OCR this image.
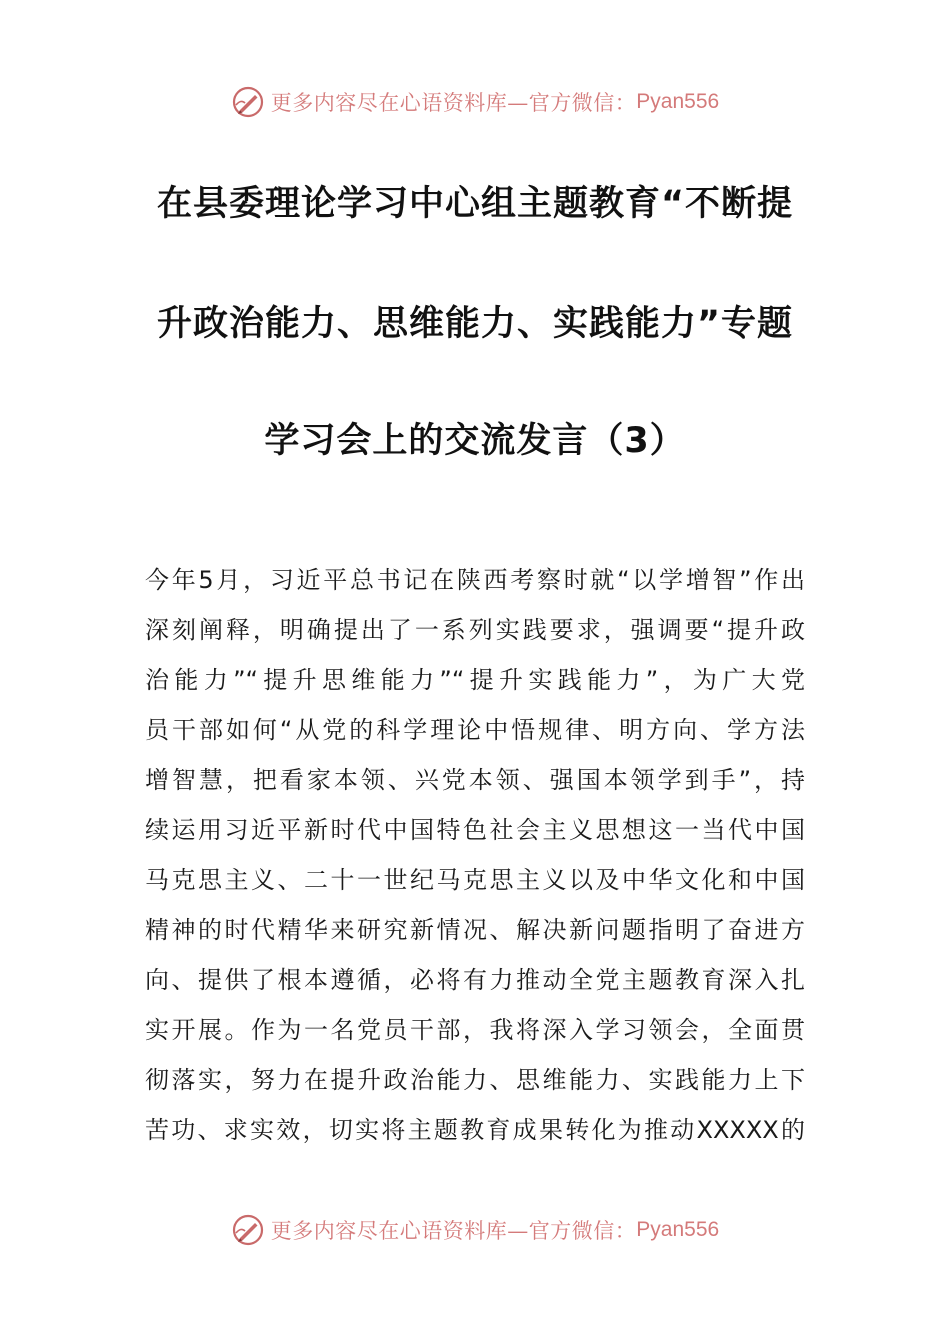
更多内容尽在心语资料库—官方微信： Pyan556
在县委理论学习中心组主题教育“不断提
升政治能力、思维能力、实践能力”专题
学习会上的交流发言（3）
今年5月，习近平总书记在陕西考察时就“以学增智”作出
深刻阐释，明确提出了一系列实践要求，强调要“提升政
治能力”“提升思维能力”“提升实践能力”，为广大党
员干部如何“从党的科学理论中悟规律、明方向、学方法
增智慧，把看家本领、兴党本领、强国本领学到手”，持
续运用习近平新时代中国特色社会主义思想这一当代中国
马克思主义、二十一世纪马克思主义以及中华文化和中国
精神的时代精华来研究新情况、解决新问题指明了奋进方
向、提供了根本遵循，必将有力推动全党主题教育深入扎
实开展。作为一名党员干部，我将深入学习领会，全面贯
彻落实，努力在提升政治能力、思维能力、实践能力上下
苦功、求实效，切实将主题教育成果转化为推动XXXXX的
更多内容尽在心语资料库—官方微信： Pyan556
